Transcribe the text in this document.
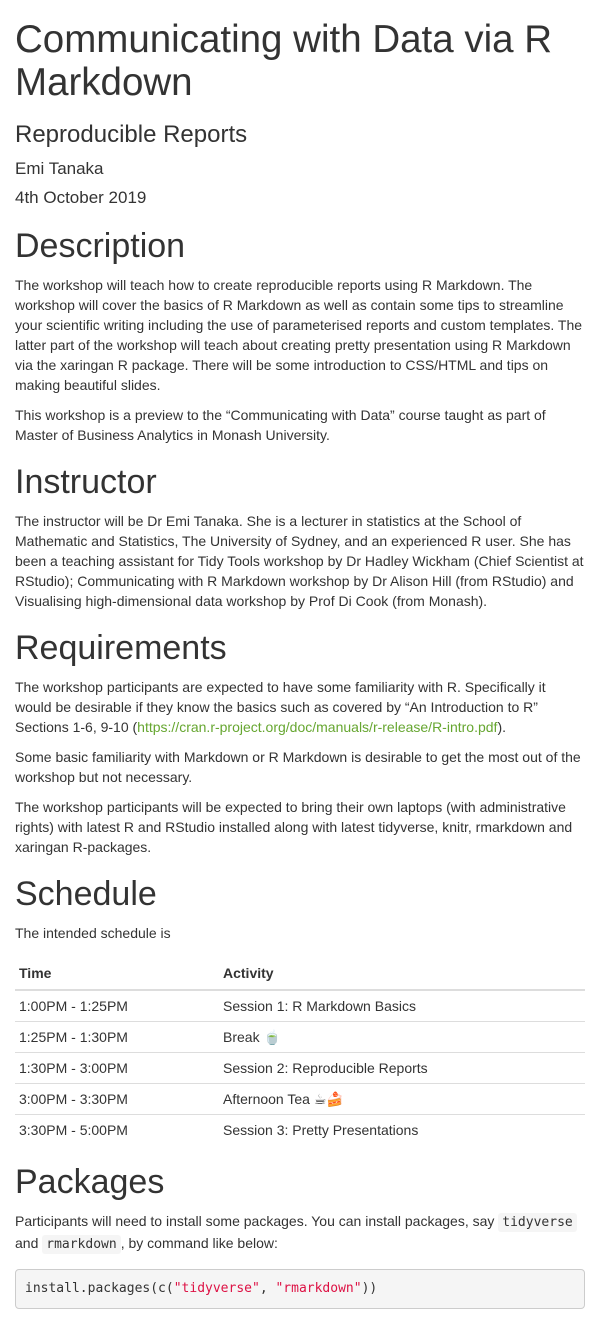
Communicating with Data via R Markdown
Reproducible Reports
Emi Tanaka
4th October 2019
Description

The workshop will teach how to create reproducible reports using R Markdown. The workshop will cover the basics of R Markdown as well as contain some tips to streamline your scientific writing including the use of parameterised reports and custom templates. The latter part of the workshop will teach about creating pretty presentation using R Markdown via the xaringan R package. There will be some introduction to CSS/HTML and tips on making beautiful slides.

This workshop is a preview to the “Communicating with Data” course taught as part of Master of Business Analytics in Monash University.

Instructor

The instructor will be Dr Emi Tanaka. She is a lecturer in statistics at the School of Mathematic and Statistics, The University of Sydney, and an experienced R user. She has been a teaching assistant for Tidy Tools workshop by Dr Hadley Wickham (Chief Scientist at RStudio); Communicating with R Markdown workshop by Dr Alison Hill (from RStudio) and Visualising high-dimensional data workshop by Prof Di Cook (from Monash).

Requirements

The workshop participants are expected to have some familiarity with R. Specifically it would be desirable if they know the basics such as covered by “An Introduction to R” Sections 1-6, 9-10 (https://cran.r-project.org/doc/manuals/r-release/R-intro.pdf).

Some basic familiarity with Markdown or R Markdown is desirable to get the most out of the workshop but not necessary.

The workshop participants will be expected to bring their own laptops (with administrative rights) with latest R and RStudio installed along with latest tidyverse, knitr, rmarkdown and xaringan R-packages.

Schedule

The intended schedule is

Time	Activity
1:00PM - 1:25PM	Session 1: R Markdown Basics
1:25PM - 1:30PM	Break 🍵
1:30PM - 3:00PM	Session 2: Reproducible Reports
3:00PM - 3:30PM	Afternoon Tea ☕🍰
3:30PM - 5:00PM	Session 3: Pretty Presentations
Packages

Participants will need to install some packages. You can install packages, say tidyverse and rmarkdown , by command like below:

install.packages(c("tidyverse", "rmarkdown"))
